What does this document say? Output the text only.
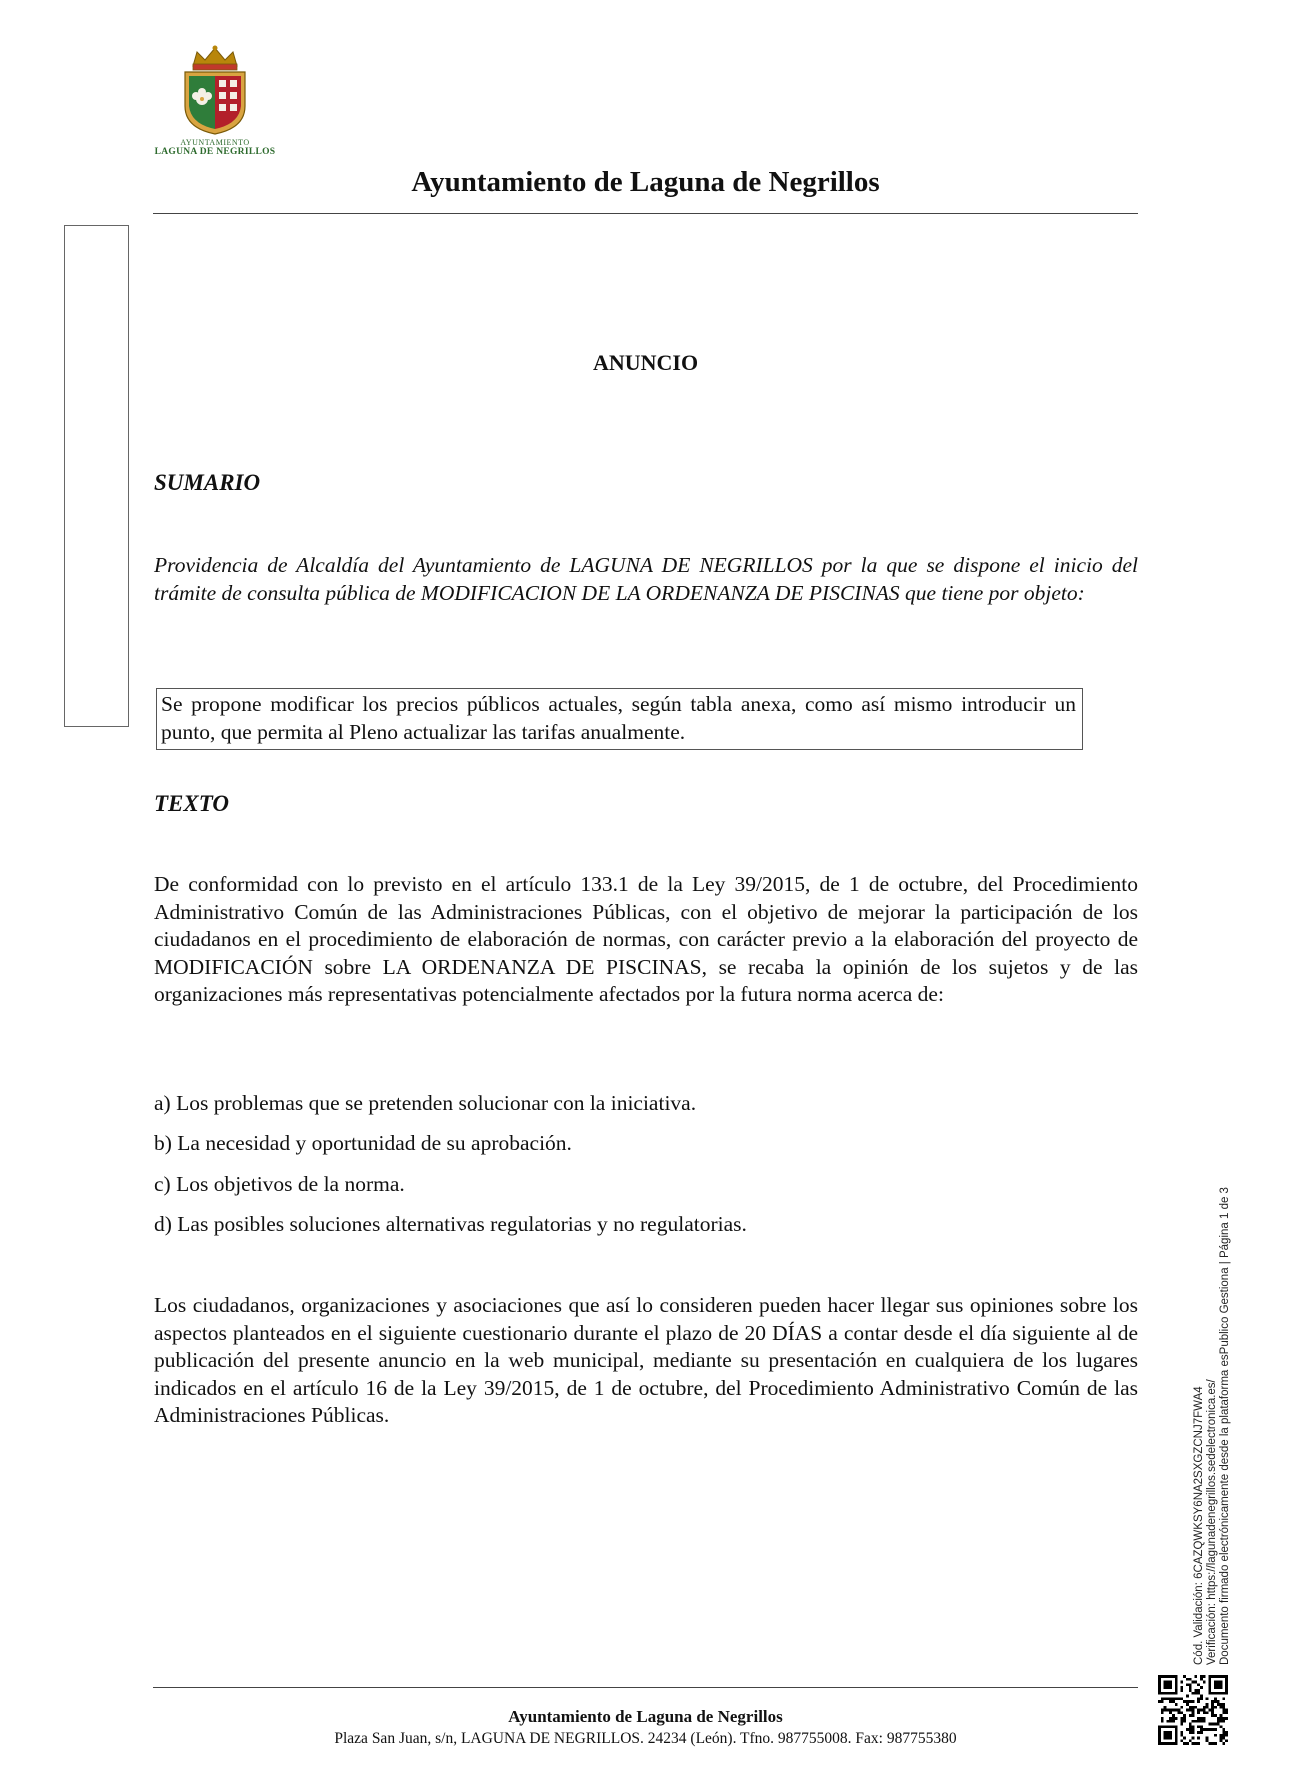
AYUNTAMIENTO
LAGUNA DE NEGRILLOS
Ayuntamiento de Laguna de Negrillos
ANUNCIO
SUMARIO
Providencia de Alcaldía del Ayuntamiento de LAGUNA DE NEGRILLOS por la que se dispone el inicio del trámite de consulta pública de MODIFICACION DE LA ORDENANZA DE PISCINAS que tiene por objeto:
Se propone modificar los precios públicos actuales, según tabla anexa, como así mismo introducir un punto, que permita al Pleno actualizar las tarifas anualmente.
TEXTO
De conformidad con lo previsto en el artículo 133.1 de la Ley 39/2015, de 1 de octubre, del Procedimiento Administrativo Común de las Administraciones Públicas, con el objetivo de mejorar la participación de los ciudadanos en el procedimiento de elaboración de normas, con carácter previo a la elaboración del proyecto de MODIFICACIÓN sobre LA ORDENANZA DE PISCINAS, se recaba la opinión de los sujetos y de las organizaciones más representativas potencialmente afectados por la futura norma acerca de:
a) Los problemas que se pretenden solucionar con la iniciativa.
b) La necesidad y oportunidad de su aprobación.
c) Los objetivos de la norma.
d) Las posibles soluciones alternativas regulatorias y no regulatorias.
Los ciudadanos, organizaciones y asociaciones que así lo consideren pueden hacer llegar sus opiniones sobre los aspectos planteados en el siguiente cuestionario durante el plazo de 20 DÍAS a contar desde el día siguiente al de publicación del presente anuncio en la web municipal, mediante su presentación en cualquiera de los lugares indicados en el artículo 16 de la Ley 39/2015, de 1 de octubre, del Procedimiento Administrativo Común de las Administraciones Públicas.	Cód. Validación: 6CAZQWKSY6NA2SXGZCNJ7FWA4 Verificación: https://lagunadenegrillos.sedelectronica.es/ Documento firmado electrónicamente desde la plataforma esPublico Gestiona | Página 1 de 3
Ayuntamiento de Laguna de Negrillos
Plaza San Juan, s/n, LAGUNA DE NEGRILLOS. 24234 (León). Tfno. 987755008. Fax: 987755380
